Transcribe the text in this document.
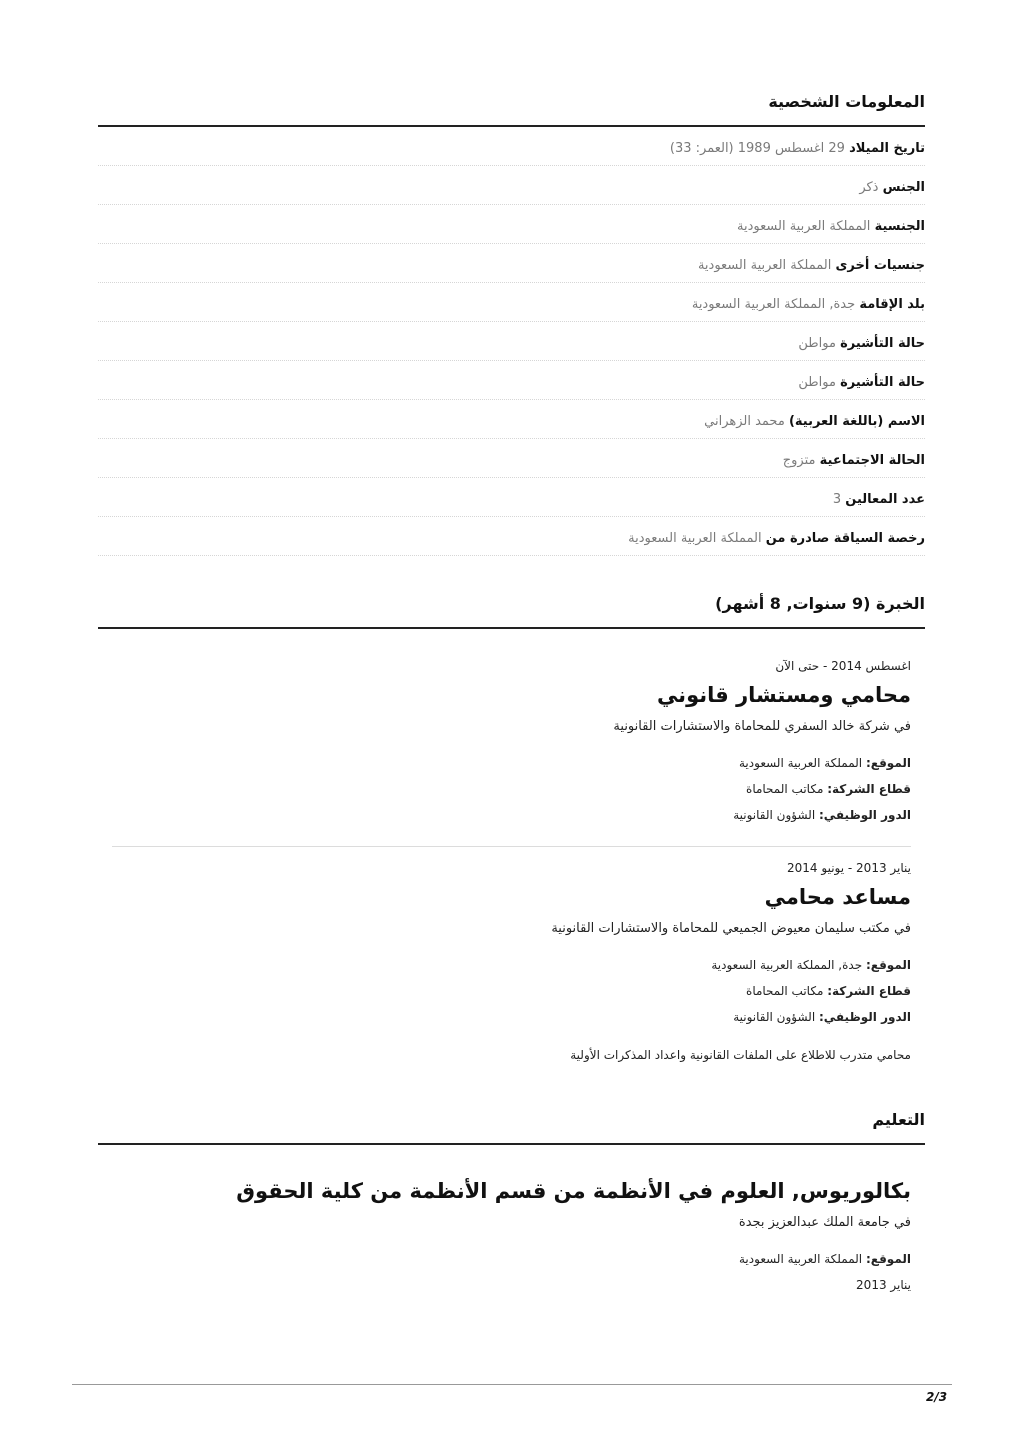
المعلومات الشخصية
تاريخ الميلاد 29 اغسطس 1989 (العمر: 33)
الجنس ذكر
الجنسية المملكة العربية السعودية
جنسيات أخرى المملكة العربية السعودية
بلد الإقامة جدة, المملكة العربية السعودية
حالة التأشيرة مواطن
حالة التأشيرة مواطن
الاسم (باللغة العربية) محمد الزهراني
الحالة الاجتماعية متزوج
عدد المعالين 3
رخصة السياقة صادرة من المملكة العربية السعودية
الخبرة (9 سنوات, 8 أشهر)
اغسطس 2014 - حتى الآن
محامي ومستشار قانوني
في شركة خالد السفري للمحاماة والاستشارات القانونية
الموقع: المملكة العربية السعودية
قطاع الشركة: مكاتب المحاماة
الدور الوظيفي: الشؤون القانونية
يناير 2013 - يونيو 2014
مساعد محامي
في مكتب سليمان معيوض الجميعي للمحاماة والاستشارات القانونية
الموقع: جدة, المملكة العربية السعودية
قطاع الشركة: مكاتب المحاماة
الدور الوظيفي: الشؤون القانونية
محامي متدرب للاطلاع على الملفات القانونية واعداد المذكرات الأولية
التعليم
بكالوريوس, العلوم في الأنظمة من قسم الأنظمة من كلية الحقوق
في جامعة الملك عبدالعزيز بجدة
الموقع: المملكة العربية السعودية
يناير 2013
2/3
